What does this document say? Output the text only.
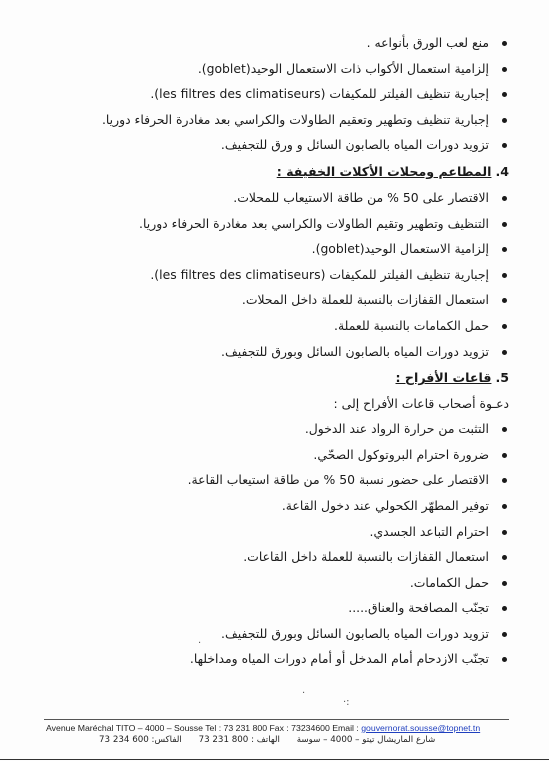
منع لعب الورق بأنواعه .
إلزامية استعمال الأكواب ذات الاستعمال الوحيد(goblet).
إجبارية تنظيف الفيلتر للمكيفات (les filtres des climatiseurs).
إجبارية تنظيف وتطهير وتعقيم الطاولات والكراسي بعد مغادرة الحرفاء دوريا.
تزويد دورات المياه بالصابون السائل و ورق للتجفيف.
4.المطاعم ومحلات الأكلات الخفيفة :
الاقتصار على 50 % من طاقة الاستيعاب للمحلات.
التنظيف وتطهير وتقيم الطاولات والكراسي بعد مغادرة الحرفاء دوريا.
إلزامية الاستعمال الوحيد(goblet).
إجبارية تنظيف الفيلتر للمكيفات (les filtres des climatiseurs).
استعمال القفازات بالنسبة للعملة داخل المحلات.
حمل الكمامات بالنسبة للعملة.
تزويد دورات المياه بالصابون السائل وبورق للتجفيف.
5.قاعات الأفراح :
دعـوة أصحاب قاعات الأفراح إلى :
التثبت من حرارة الرواد عند الدخول.
ضرورة احترام البروتوكول الصحّي.
الاقتصار على حضور نسبة 50 % من طاقة استيعاب القاعة.
توفير المطهّر الكحولي عند دخول القاعة.
احترام التباعد الجسدي.
استعمال القفازات بالنسبة للعملة داخل القاعات.
حمل الكمامات.
تجنّب المصافحة والعناق.....
تزويد دورات المياه بالصابون السائل وبورق للتجفيف.
تجنّب الازدحام أمام المدخل أو أمام دورات المياه ومداخلها.
·
·
·:
Avenue Maréchal TITO – 4000 – Sousse Tel : 73 231 800 Fax : 73234600 Email : gouvernorat.sousse@topnet.tn
شارع الماريشال تيتو – 4000 – سوسة الهاتف : 800 231 73 الفاكس: 600 234 73
